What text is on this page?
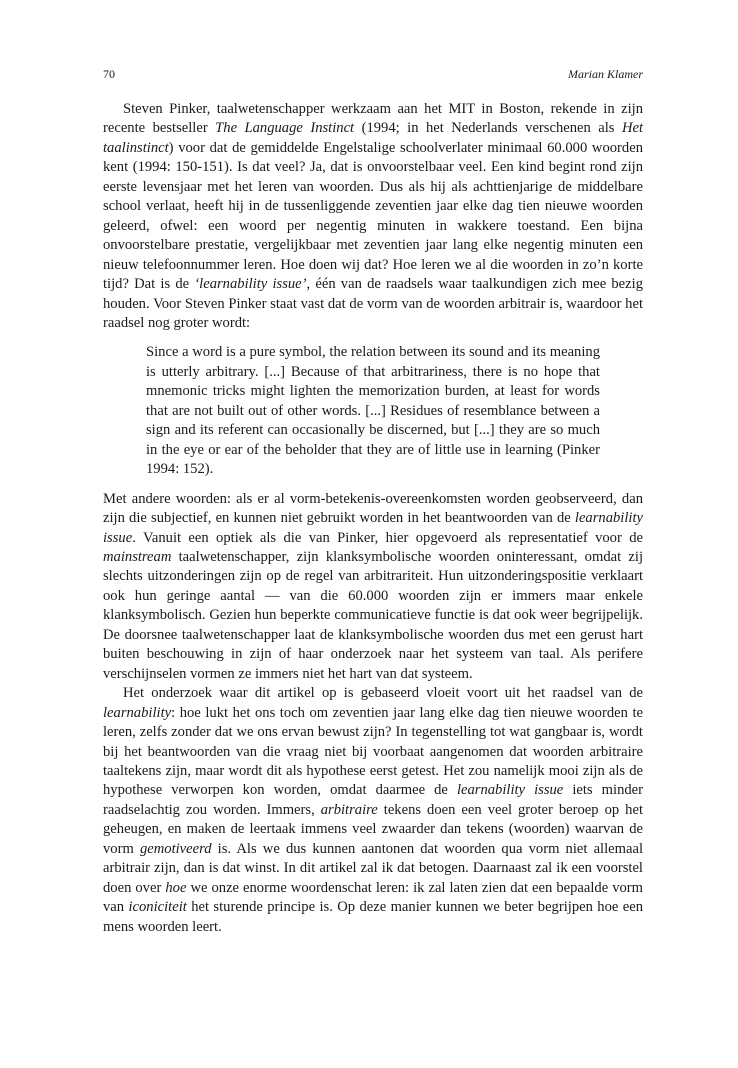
70	Marian Klamer

Steven Pinker, taalwetenschapper werkzaam aan het MIT in Boston, rekende in zijn recente bestseller The Language Instinct (1994; in het Nederlands verschenen als Het taalinstinct) voor dat de gemiddelde Engelstalige schoolverlater minimaal 60.000 woorden kent (1994: 150-151). Is dat veel? Ja, dat is onvoorstelbaar veel. Een kind begint rond zijn eerste levensjaar met het leren van woorden. Dus als hij als achttienjarige de middelbare school verlaat, heeft hij in de tussenliggende zeventien jaar elke dag tien nieuwe woorden geleerd, ofwel: een woord per negentig minuten in wakkere toestand. Een bijna onvoorstelbare prestatie, vergelijkbaar met zeventien jaar lang elke negentig minuten een nieuw telefoonnummer leren. Hoe doen wij dat? Hoe leren we al die woorden in zo’n korte tijd? Dat is de ‘learnability issue’, één van de raadsels waar taalkundigen zich mee bezig houden. Voor Steven Pinker staat vast dat de vorm van de woorden arbitrair is, waardoor het raadsel nog groter wordt:

Since a word is a pure symbol, the relation between its sound and its meaning is utterly arbitrary. [...] Because of that arbitrariness, there is no hope that mnemonic tricks might lighten the memorization burden, at least for words that are not built out of other words. [...] Residues of resemblance between a sign and its referent can occasionally be discerned, but [...] they are so much in the eye or ear of the beholder that they are of little use in learning (Pinker 1994: 152).

Met andere woorden: als er al vorm-betekenis-overeenkomsten worden geobserveerd, dan zijn die subjectief, en kunnen niet gebruikt worden in het beantwoorden van de learnability issue. Vanuit een optiek als die van Pinker, hier opgevoerd als representatief voor de mainstream taalwetenschapper, zijn klanksymbolische woorden oninteressant, omdat zij slechts uitzonderingen zijn op de regel van arbitrariteit. Hun uitzonderingspositie verklaart ook hun geringe aantal — van die 60.000 woorden zijn er immers maar enkele klanksymbolisch. Gezien hun beperkte communicatieve functie is dat ook weer begrijpelijk. De doorsnee taalwetenschapper laat de klanksymbolische woorden dus met een gerust hart buiten beschouwing in zijn of haar onderzoek naar het systeem van taal. Als perifere verschijnselen vormen ze immers niet het hart van dat systeem.

Het onderzoek waar dit artikel op is gebaseerd vloeit voort uit het raadsel van de learnability: hoe lukt het ons toch om zeventien jaar lang elke dag tien nieuwe woorden te leren, zelfs zonder dat we ons ervan bewust zijn? In tegenstelling tot wat gangbaar is, wordt bij het beantwoorden van die vraag niet bij voorbaat aangenomen dat woorden arbitraire taaltekens zijn, maar wordt dit als hypothese eerst getest. Het zou namelijk mooi zijn als de hypothese verworpen kon worden, omdat daarmee de learnability issue iets minder raadselachtig zou worden. Immers, arbitraire tekens doen een veel groter beroep op het geheugen, en maken de leertaak immens veel zwaarder dan tekens (woorden) waarvan de vorm gemotiveerd is. Als we dus kunnen aantonen dat woorden qua vorm niet allemaal arbitrair zijn, dan is dat winst. In dit artikel zal ik dat betogen. Daarnaast zal ik een voorstel doen over hoe we onze enorme woordenschat leren: ik zal laten zien dat een bepaalde vorm van iconiciteit het sturende principe is. Op deze manier kunnen we beter begrijpen hoe een mens woorden leert.
